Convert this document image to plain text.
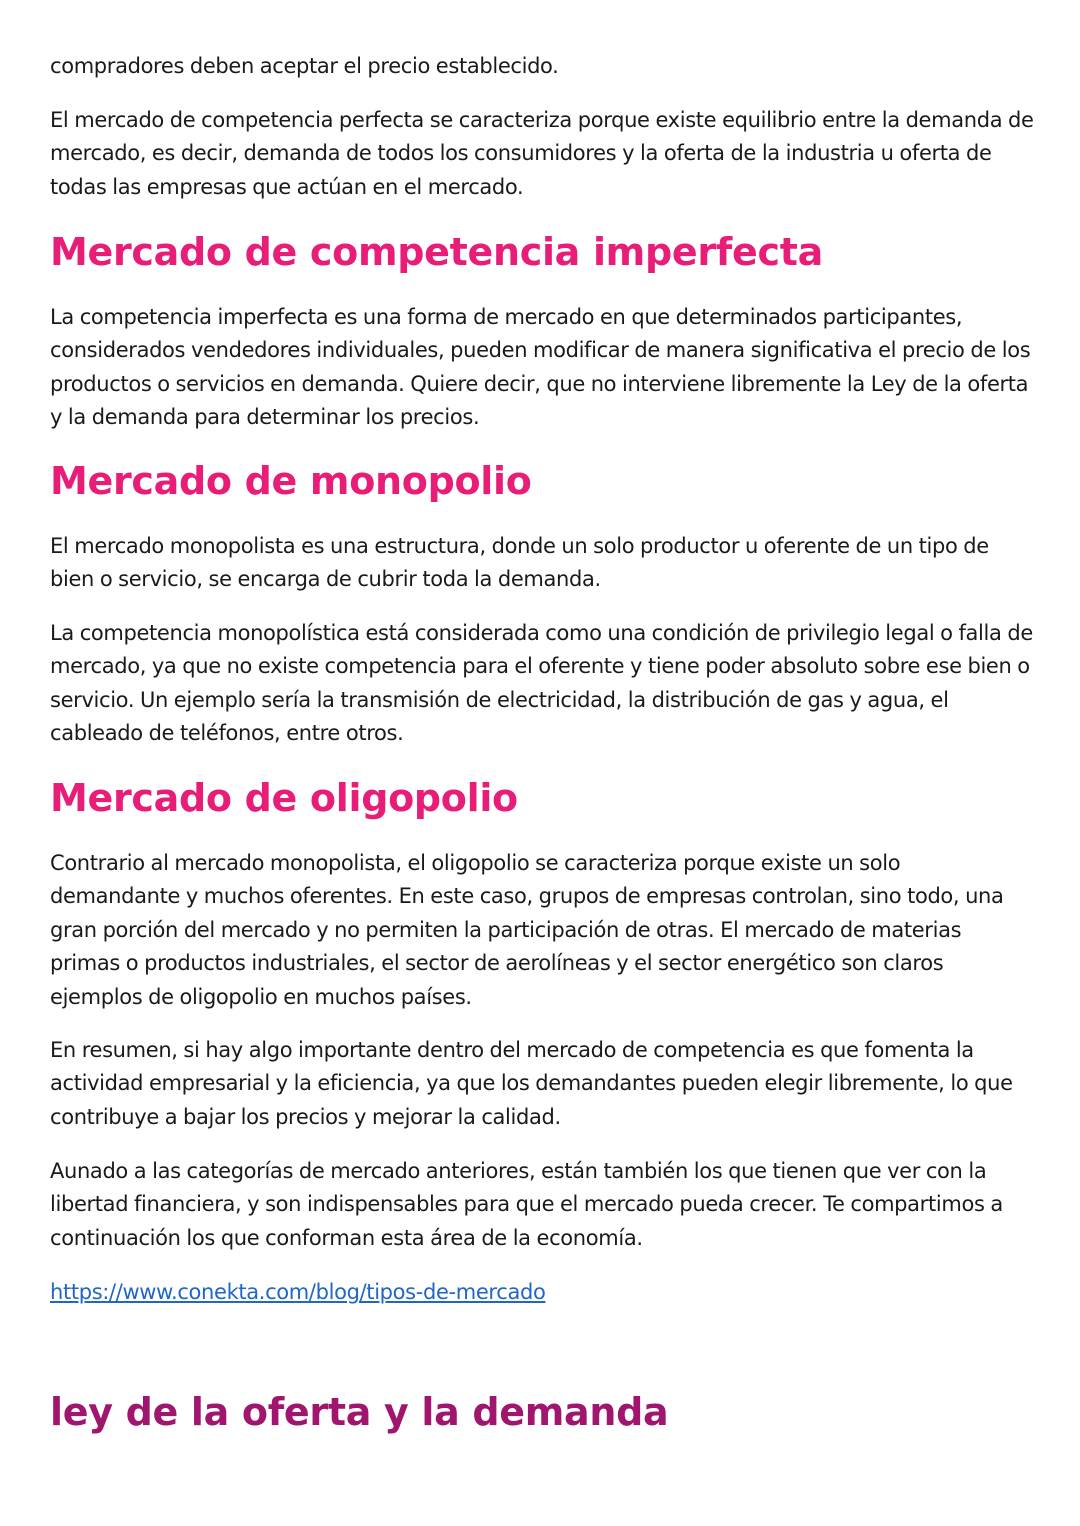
compradores deben aceptar el precio establecido.

El mercado de competencia perfecta se caracteriza porque existe equilibrio entre la demanda de mercado, es decir, demanda de todos los consumidores y la oferta de la industria u oferta de todas las empresas que actúan en el mercado.

Mercado de competencia imperfecta

La competencia imperfecta es una forma de mercado en que determinados participantes, considerados vendedores individuales, pueden modificar de manera significativa el precio de los productos o servicios en demanda. Quiere decir, que no interviene libremente la Ley de la oferta y la demanda para determinar los precios.

Mercado de monopolio

El mercado monopolista es una estructura, donde un solo productor u oferente de un tipo de bien o servicio, se encarga de cubrir toda la demanda.

La competencia monopolística está considerada como una condición de privilegio legal o falla de mercado, ya que no existe competencia para el oferente y tiene poder absoluto sobre ese bien o servicio. Un ejemplo sería la transmisión de electricidad, la distribución de gas y agua, el cableado de teléfonos, entre otros.

Mercado de oligopolio

Contrario al mercado monopolista, el oligopolio se caracteriza porque existe un solo demandante y muchos oferentes. En este caso, grupos de empresas controlan, sino todo, una gran porción del mercado y no permiten la participación de otras. El mercado de materias primas o productos industriales, el sector de aerolíneas y el sector energético son claros ejemplos de oligopolio en muchos países.

En resumen, si hay algo importante dentro del mercado de competencia es que fomenta la actividad empresarial y la eficiencia, ya que los demandantes pueden elegir libremente, lo que contribuye a bajar los precios y mejorar la calidad.

Aunado a las categorías de mercado anteriores, están también los que tienen que ver con la libertad financiera, y son indispensables para que el mercado pueda crecer. Te compartimos a continuación los que conforman esta área de la economía.

https://www.conekta.com/blog/tipos-de-mercado
ley de la oferta y la demanda
